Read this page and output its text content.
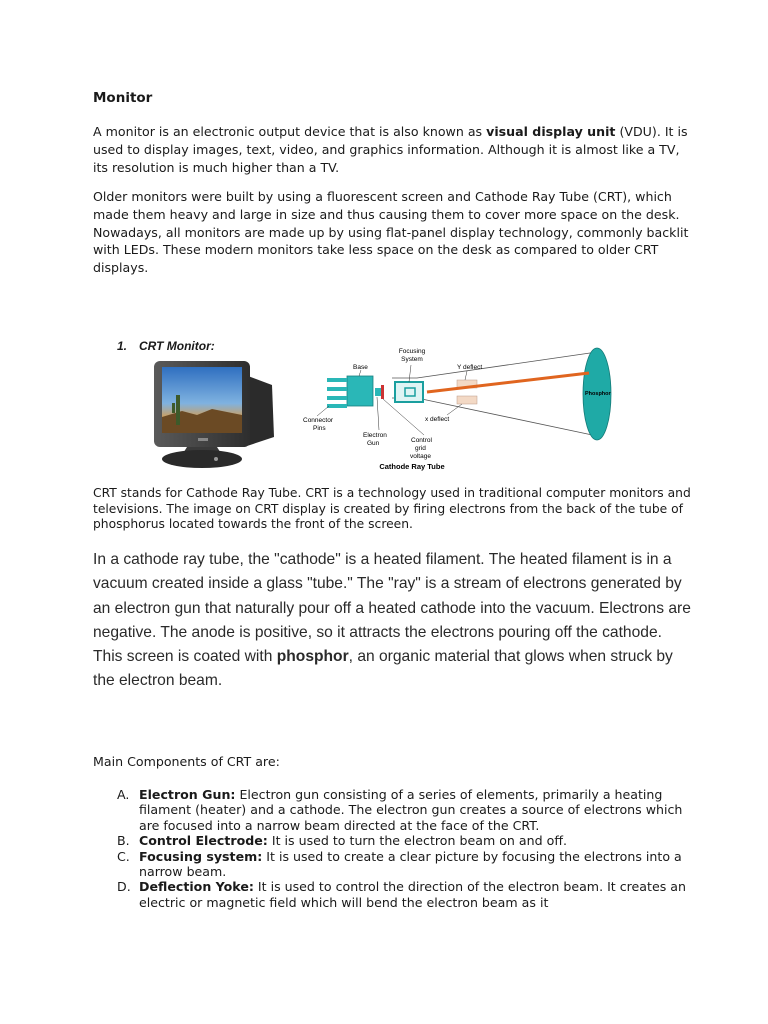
Monitor

A monitor is an electronic output device that is also known as visual display unit (VDU). It is used to display images, text, video, and graphics information. Although it is almost like a TV, its resolution is much higher than a TV.

Older monitors were built by using a fluorescent screen and Cathode Ray Tube (CRT), which made them heavy and large in size and thus causing them to cover more space on the desk. Nowadays, all monitors are made up by using flat-panel display technology, commonly backlit with LEDs. These modern monitors take less space on the desk as compared to older CRT displays.

1. CRT Monitor:	Focusing
System
Y deflect
Base
Phosphor
Connector
Pins
x deflect
Electron
Gun	Control
grid
voltage
Cathode Ray Tube

CRT stands for Cathode Ray Tube. CRT is a technology used in traditional computer monitors and televisions. The image on CRT display is created by firing electrons from the back of the tube of phosphorus located towards the front of the screen.

In a cathode ray tube, the "cathode" is a heated filament. The heated filament is in a vacuum created inside a glass "tube." The "ray" is a stream of electrons generated by an electron gun that naturally pour off a heated cathode into the vacuum. Electrons are negative. The anode is positive, so it attracts the electrons pouring off the cathode. This screen is coated with phosphor, an organic material that glows when struck by the electron beam.

Main Components of CRT are:
A. Electron Gun: Electron gun consisting of a series of elements, primarily a heating filament (heater) and a cathode. The electron gun creates a source of electrons which are focused into a narrow beam directed at the face of the CRT.
B. Control Electrode: It is used to turn the electron beam on and off.
C. Focusing system: It is used to create a clear picture by focusing the electrons into a narrow beam.
D. Deflection Yoke: It is used to control the direction of the electron beam. It creates an electric or magnetic field which will bend the electron beam as it
